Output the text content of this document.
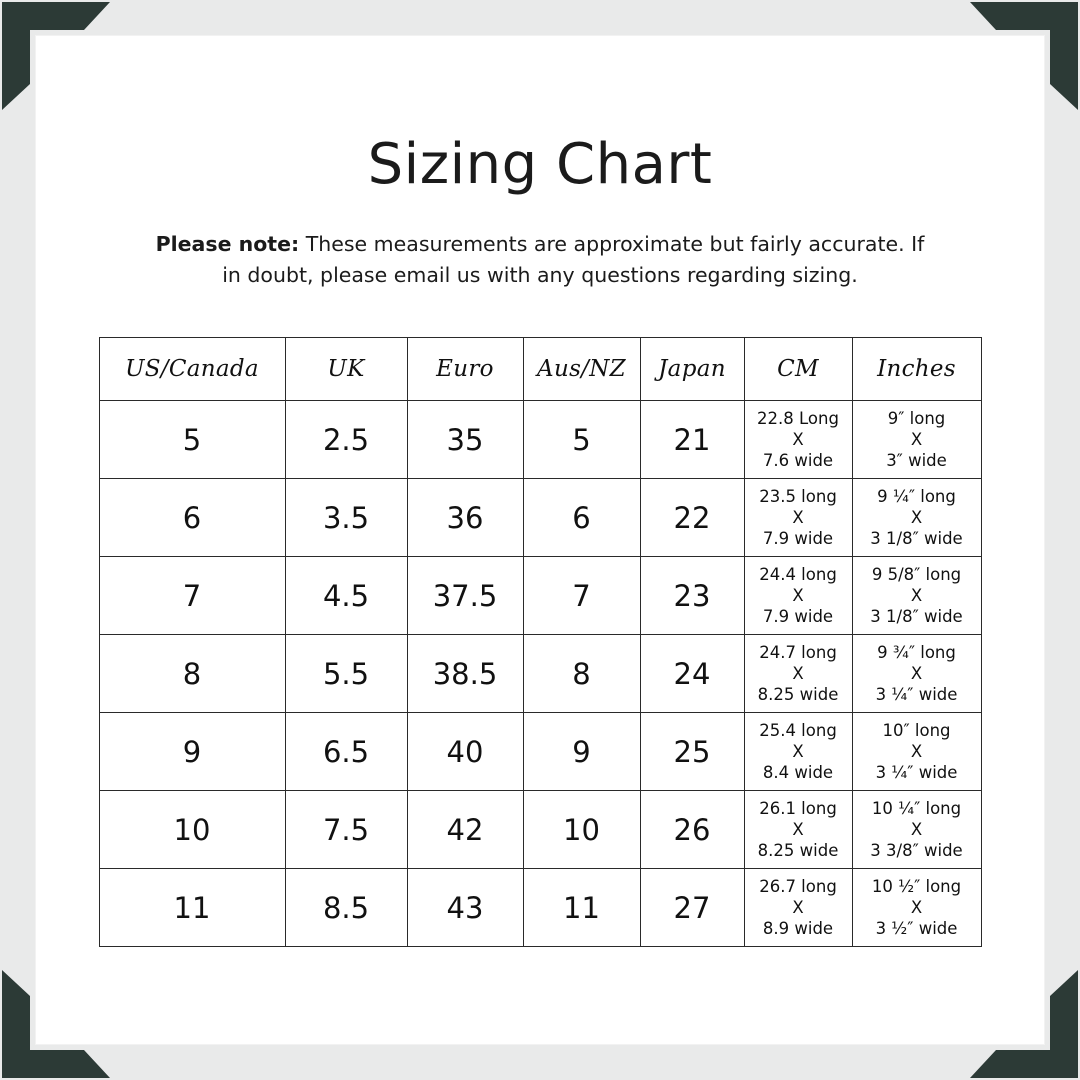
Sizing Chart

Please note: These measurements are approximate but fairly accurate. If in doubt, please email us with any questions regarding sizing.

US/Canada	UK	Euro	Aus/NZ	Japan	CM	Inches
5	2.5	35	5	21	22.8 Long
X
7.6 wide	9″ long
X
3″ wide

6	3.5	36	6	22	23.5 long
X
7.9 wide	9 ¼″ long
X
3 1/8″ wide

7	4.5	37.5	7	23	24.4 long
X
7.9 wide	9 5/8″ long
X
3 1/8″ wide

8	5.5	38.5	8	24	24.7 long
X
8.25 wide	9 ¾″ long
X
3 ¼″ wide

9	6.5	40	9	25	25.4 long
X
8.4 wide	10″ long
X
3 ¼″ wide

10	7.5	42	10	26	26.1 long
X
8.25 wide	10 ¼″ long
X
3 3/8″ wide

11	8.5	43	11	27	26.7 long
X
8.9 wide	10 ½″ long
X
3 ½″ wide
